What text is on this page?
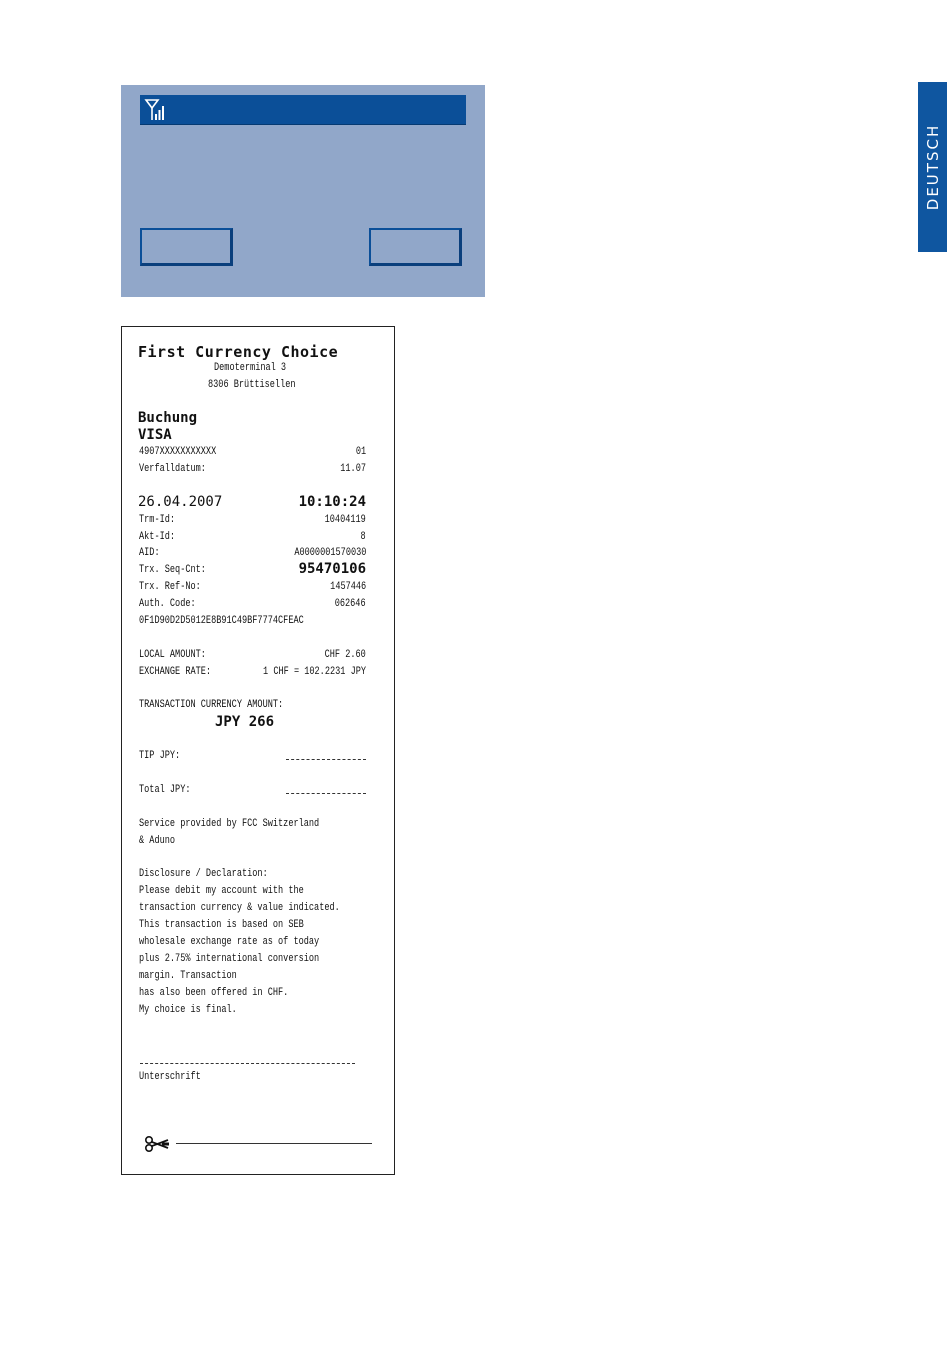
DEUTSCH
First Currency Choice
Demoterminal 3
8306 Brüttisellen
Buchung
VISA
4907XXXXXXXXXXX	01
Verfalldatum:	11.07
26.04.2007	10:10:24
Trm-Id:	10404119
Akt-Id:	8
AID:	A0000001570030
Trx. Seq-Cnt:	95470106
Trx. Ref-No:	1457446
Auth. Code:	062646
0F1D90D2D5012E8B91C49BF7774CFEAC
LOCAL AMOUNT:	CHF 2.60
EXCHANGE RATE:	1 CHF = 102.2231 JPY
TRANSACTION CURRENCY AMOUNT:
JPY 266
TIP JPY:
Total JPY:
Service provided by FCC Switzerland
& Aduno
Disclosure / Declaration:
Please debit my account with the
transaction currency & value indicated.
This transaction is based on SEB
wholesale exchange rate as of today
plus 2.75% international conversion
margin. Transaction
has also been offered in CHF.
My choice is final.
Unterschrift
